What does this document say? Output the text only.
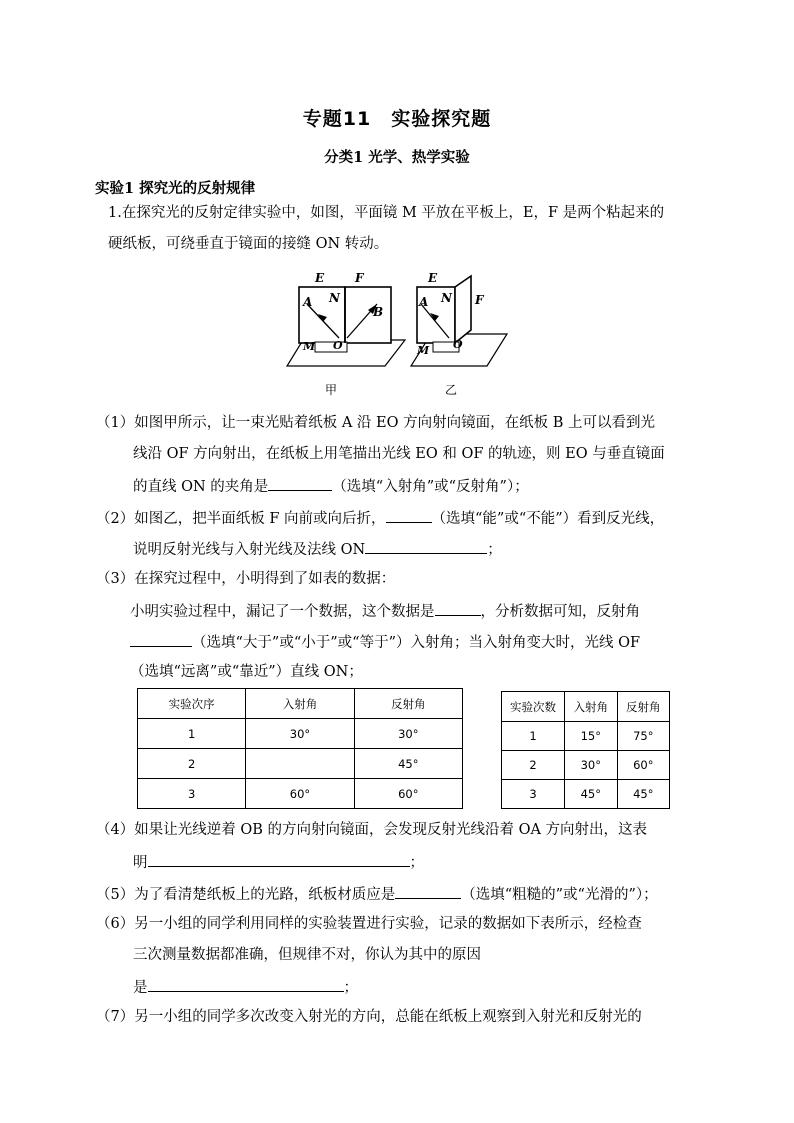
专题11　实验探究题
分类1 光学、热学实验
实验1 探究光的反射规律
1.在探究光的反射定律实验中，如图，平面镜 M 平放在平板上，E，F 是两个粘起来的
硬纸板，可绕垂直于镜面的接缝 ON 转动。
E	F
N
A
B
O
M
甲
E
F
N
A
O
M
乙
（1）如图甲所示，让一束光贴着纸板 A 沿 EO 方向射向镜面，在纸板 B 上可以看到光
线沿 OF 方向射出，在纸板上用笔描出光线 EO 和 OF 的轨迹，则 EO 与垂直镜面
的直线 ON 的夹角是	（选填“入射角”或“反射角”）；
（2）如图乙，把半面纸板 F 向前或向后折，	（选填“能”或“不能”）看到反光线，
说明反射光线与入射光线及法线 ON	；
（3）在探究过程中，小明得到了如表的数据：
小明实验过程中，漏记了一个数据，这个数据是	，分析数据可知，反射角
（选填“大于”或“小于”或“等于”）入射角；当入射角变大时，光线 OF
（选填“远离”或“靠近”）直线 ON；
实验次序	入射角	反射角
1	30°	30°
2		45°
3	60°	60°
实验次数	入射角	反射角
1	15°	75°
2	30°	60°
3	45°	45°
（4）如果让光线逆着 OB 的方向射向镜面，会发现反射光线沿着 OA 方向射出，这表
明	；
（5）为了看清楚纸板上的光路，纸板材质应是	（选填“粗糙的”或“光滑的”）；
（6）另一小组的同学利用同样的实验装置进行实验，记录的数据如下表所示，经检查
三次测量数据都准确，但规律不对，你认为其中的原因
是	；
（7）另一小组的同学多次改变入射光的方向，总能在纸板上观察到入射光和反射光的
